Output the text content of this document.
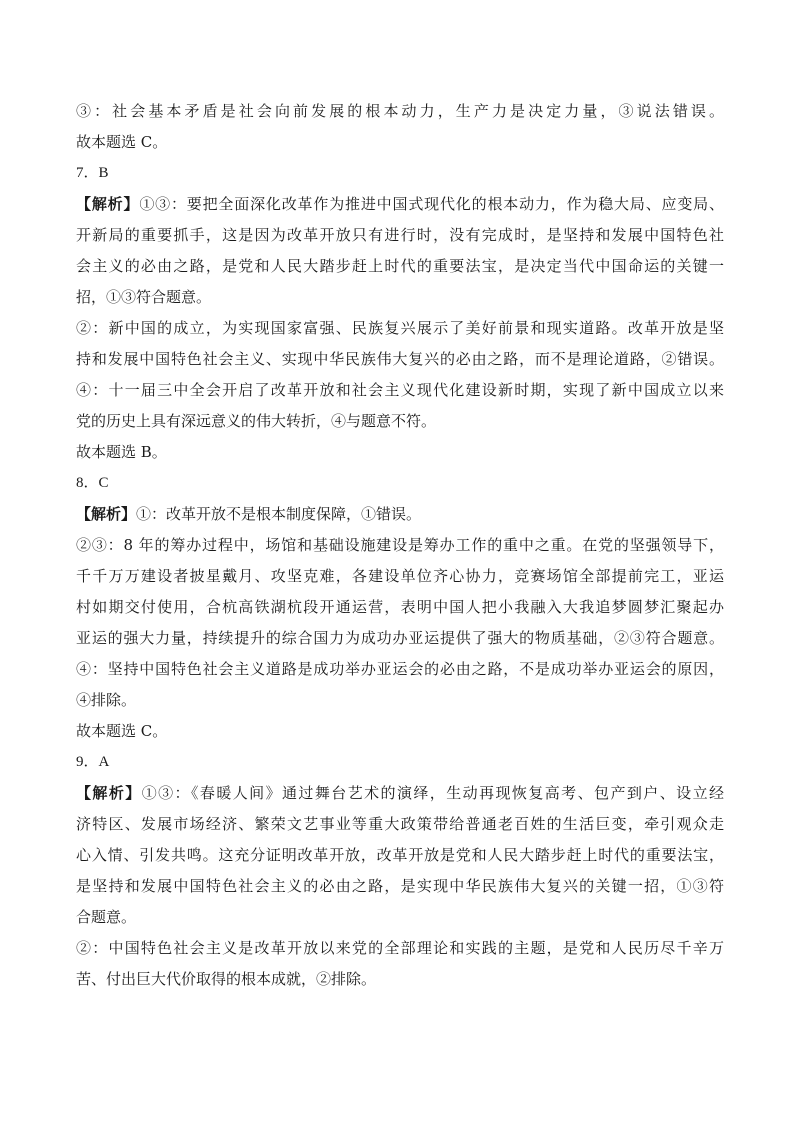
③：社会基本矛盾是社会向前发展的根本动力，生产力是决定力量，③说法错误。
故本题选 C。
7．B
【解析】①③：要把全面深化改革作为推进中国式现代化的根本动力，作为稳大局、应变局、
开新局的重要抓手，这是因为改革开放只有进行时，没有完成时，是坚持和发展中国特色社
会主义的必由之路，是党和人民大踏步赶上时代的重要法宝，是决定当代中国命运的关键一
招，①③符合题意。
②：新中国的成立，为实现国家富强、民族复兴展示了美好前景和现实道路。改革开放是坚
持和发展中国特色社会主义、实现中华民族伟大复兴的必由之路，而不是理论道路，②错误。
④：十一届三中全会开启了改革开放和社会主义现代化建设新时期，实现了新中国成立以来
党的历史上具有深远意义的伟大转折，④与题意不符。
故本题选 B。
8．C
【解析】①：改革开放不是根本制度保障，①错误。
②③：8 年的筹办过程中，场馆和基础设施建设是筹办工作的重中之重。在党的坚强领导下，
千千万万建设者披星戴月、攻坚克难，各建设单位齐心协力，竞赛场馆全部提前完工，亚运
村如期交付使用，合杭高铁湖杭段开通运营，表明中国人把小我融入大我追梦圆梦汇聚起办
亚运的强大力量，持续提升的综合国力为成功办亚运提供了强大的物质基础，②③符合题意。
④：坚持中国特色社会主义道路是成功举办亚运会的必由之路，不是成功举办亚运会的原因，
④排除。
故本题选 C。
9．A
【解析】①③：《春暖人间》通过舞台艺术的演绎，生动再现恢复高考、包产到户、设立经
济特区、发展市场经济、繁荣文艺事业等重大政策带给普通老百姓的生活巨变，牵引观众走
心入情、引发共鸣。这充分证明改革开放，改革开放是党和人民大踏步赶上时代的重要法宝，
是坚持和发展中国特色社会主义的必由之路，是实现中华民族伟大复兴的关键一招，①③符
合题意。
②：中国特色社会主义是改革开放以来党的全部理论和实践的主题，是党和人民历尽千辛万
苦、付出巨大代价取得的根本成就，②排除。
